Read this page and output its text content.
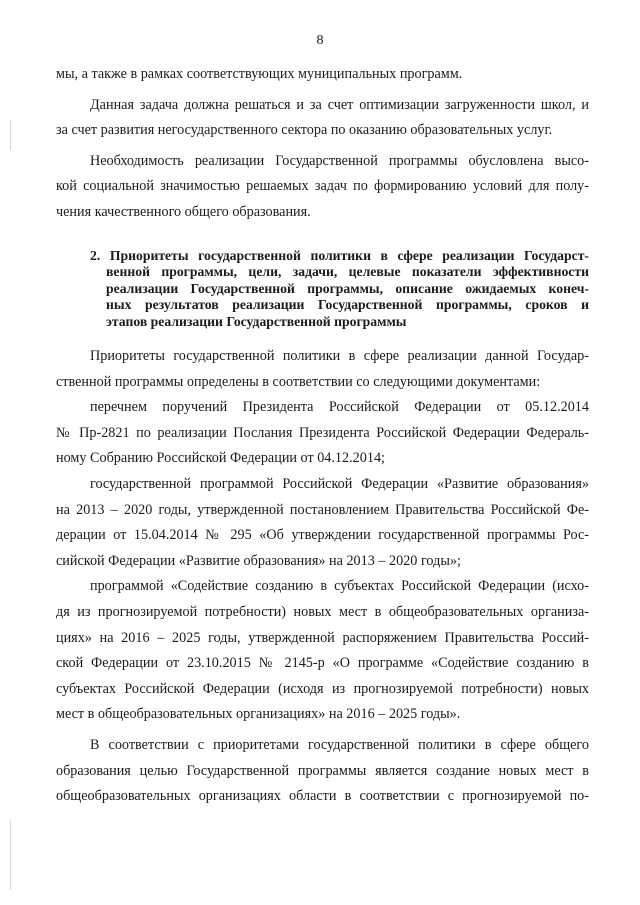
8
мы, а также в рамках соответствующих муниципальных программ.
Данная задача должна решаться и за счет оптимизации загруженности школ, и
за счет развития негосударственного сектора по оказанию образовательных услуг.
Необходимость реализации Государственной программы обусловлена высо-
кой социальной значимостью решаемых задач по формированию условий для полу-
чения качественного общего образования.
2. Приоритеты государственной политики в сфере реализации Государст-
венной программы, цели, задачи, целевые показатели эффективности
реализации Государственной программы, описание ожидаемых конеч-
ных результатов реализации Государственной программы, сроков и
этапов реализации Государственной программы
Приоритеты государственной политики в сфере реализации данной Государ-
ственной программы определены в соответствии со следующими документами:
перечнем поручений Президента Российской Федерации от 05.12.2014
№ Пр-2821 по реализации Послания Президента Российской Федерации Федераль-
ному Собранию Российской Федерации от 04.12.2014;
государственной программой Российской Федерации «Развитие образования»
на 2013 – 2020 годы, утвержденной постановлением Правительства Российской Фе-
дерации от 15.04.2014 № 295 «Об утверждении государственной программы Рос-
сийской Федерации «Развитие образования» на 2013 – 2020 годы»;
программой «Содействие созданию в субъектах Российской Федерации (исхо-
дя из прогнозируемой потребности) новых мест в общеобразовательных организа-
циях» на 2016 – 2025 годы, утвержденной распоряжением Правительства Россий-
ской Федерации от 23.10.2015 № 2145-р «О программе «Содействие созданию в
субъектах Российской Федерации (исходя из прогнозируемой потребности) новых
мест в общеобразовательных организациях» на 2016 – 2025 годы».
В соответствии с приоритетами государственной политики в сфере общего
образования целью Государственной программы является создание новых мест в
общеобразовательных организациях области в соответствии с прогнозируемой по-
